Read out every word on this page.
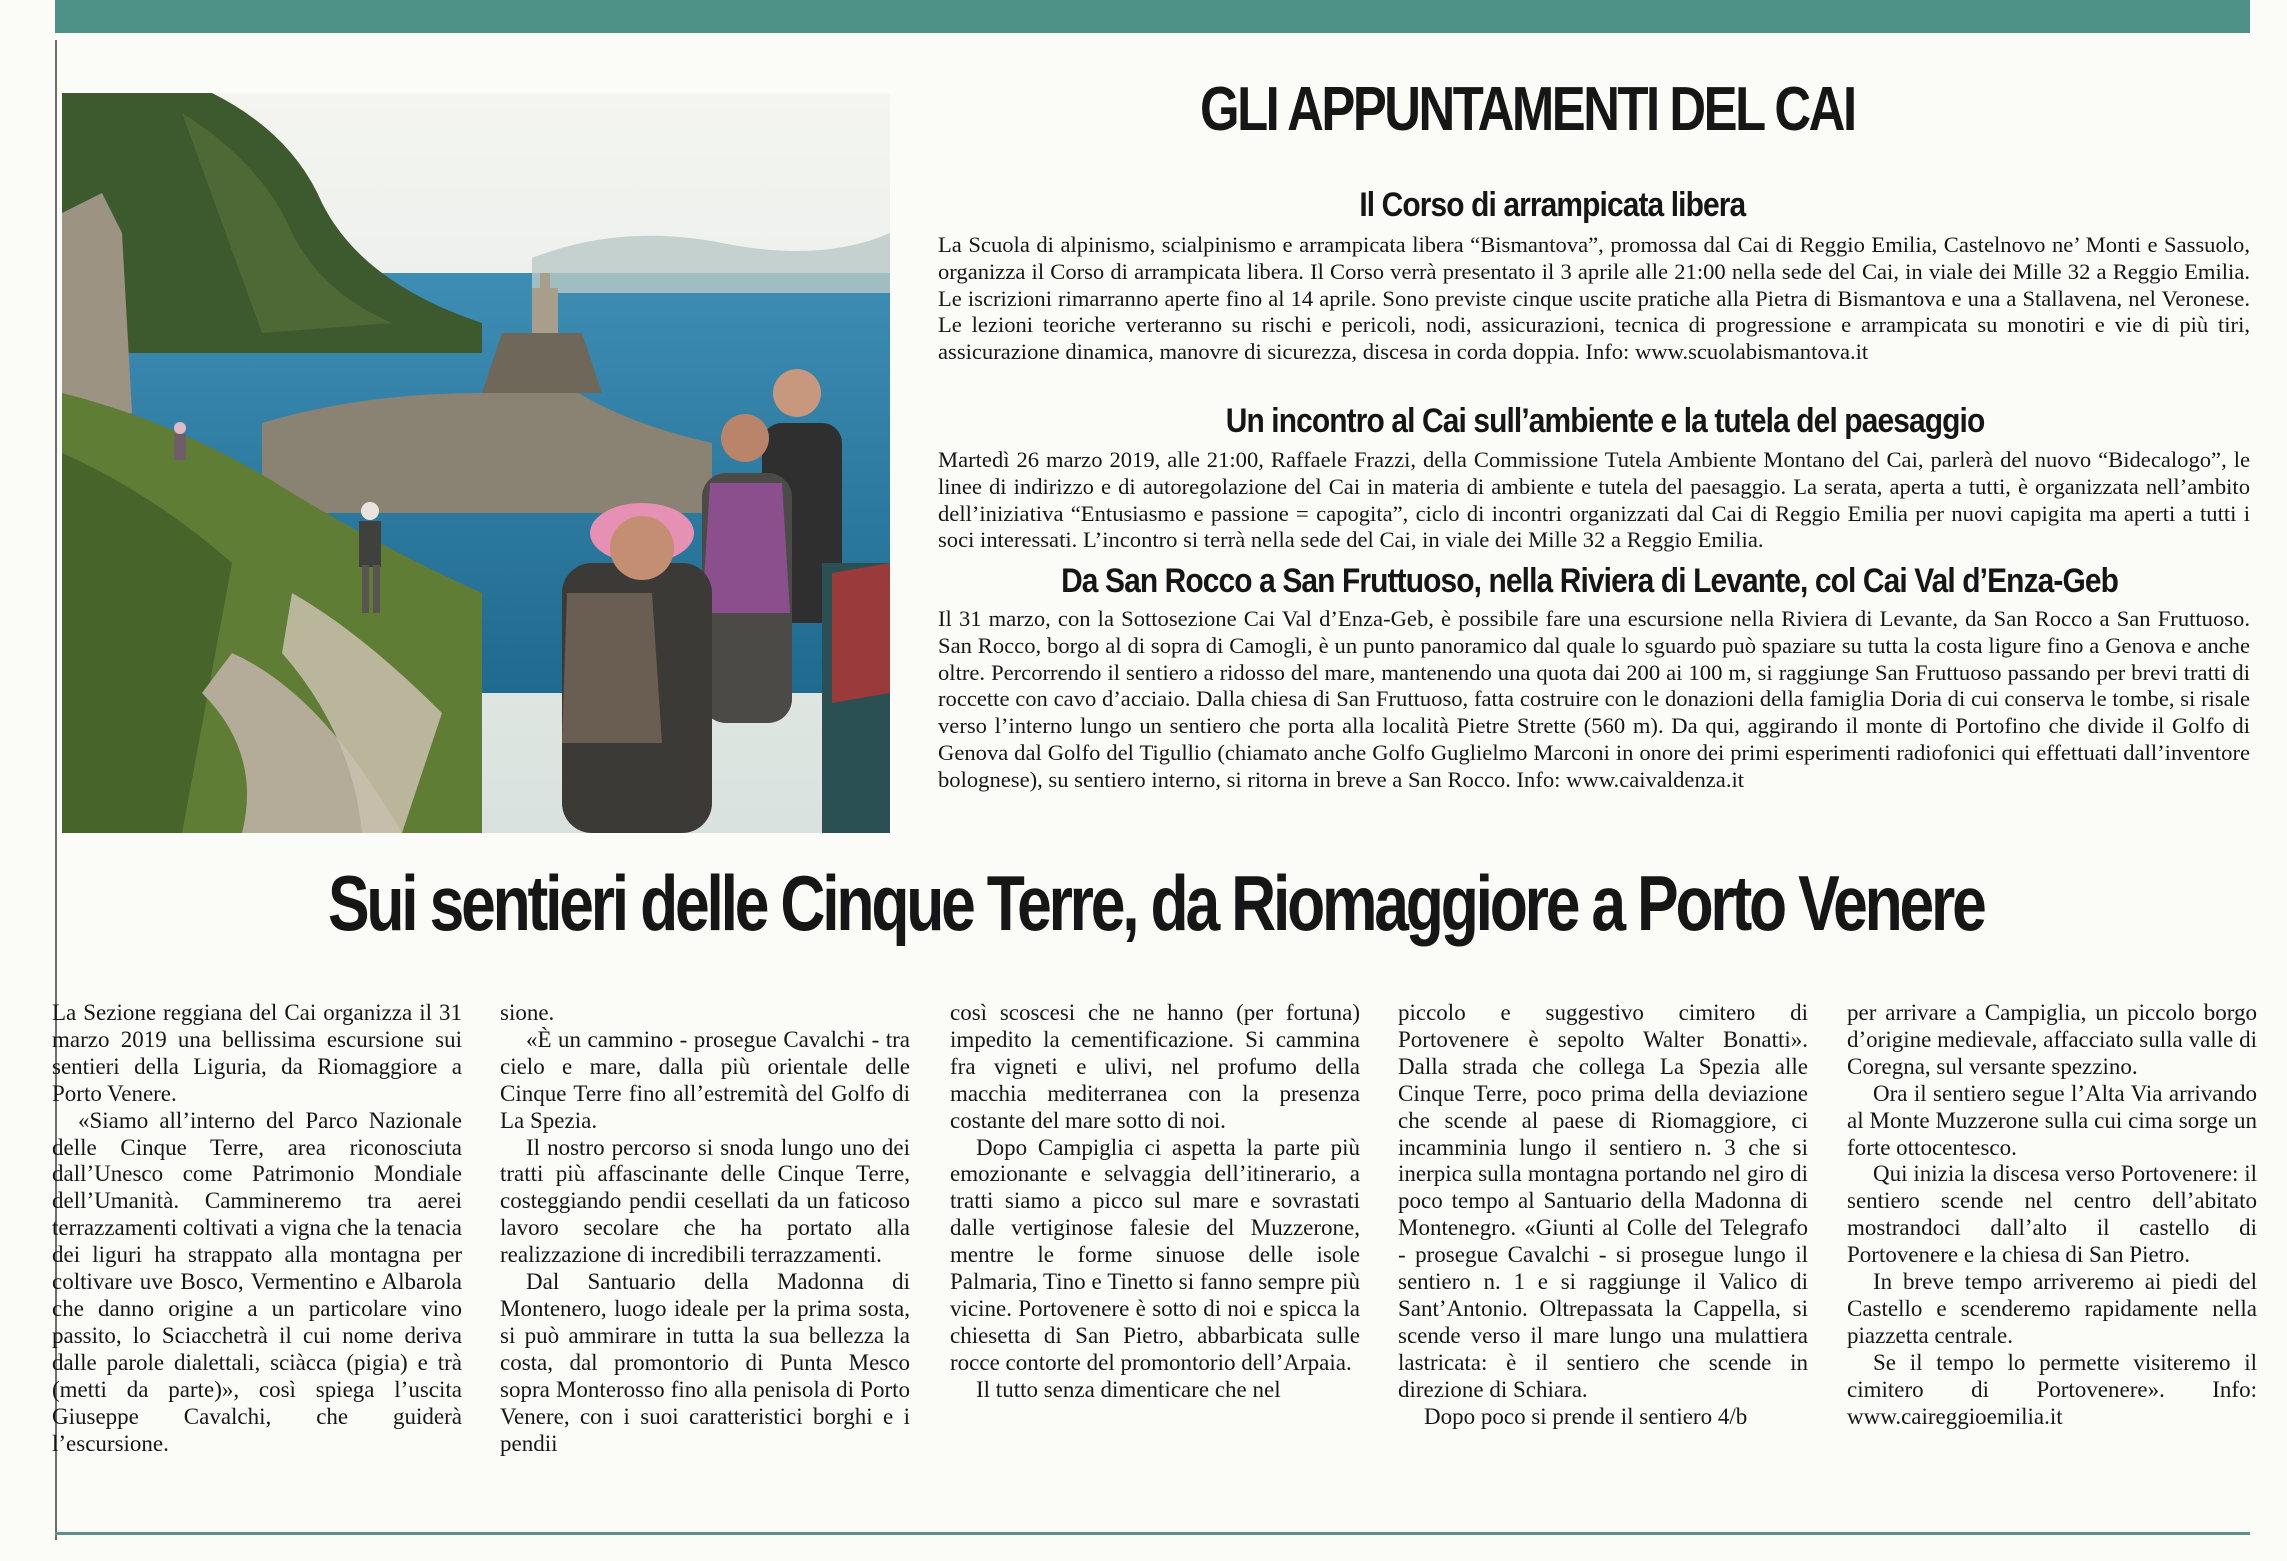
GLI APPUNTAMENTI DEL CAI
Il Corso di arrampicata libera

La Scuola di alpinismo, scialpinismo e arrampicata libera “Bismantova”, promossa dal Cai di Reggio Emilia, Castelnovo ne’ Monti e Sassuolo, organizza il Corso di arrampicata libera. Il Corso verrà presentato il 3 aprile alle 21:00 nella sede del Cai, in viale dei Mille 32 a Reggio Emilia. Le iscrizioni rimarranno aperte fino al 14 aprile. Sono previste cinque uscite pratiche alla Pietra di Bismantova e una a Stallavena, nel Veronese. Le lezioni teoriche verteranno su rischi e pericoli, nodi, assicurazioni, tecnica di progressione e arrampicata su monotiri e vie di più tiri, assicurazione dinamica, manovre di sicurezza, discesa in corda doppia. Info: www.scuolabismantova.it

Un incontro al Cai sull’ambiente e la tutela del paesaggio

Martedì 26 marzo 2019, alle 21:00, Raffaele Frazzi, della Commissione Tutela Ambiente Montano del Cai, parlerà del nuovo “Bidecalogo”, le linee di indirizzo e di autoregolazione del Cai in materia di ambiente e tutela del paesaggio. La serata, aperta a tutti, è organizzata nell’ambito dell’iniziativa “Entusiasmo e passione = capogita”, ciclo di incontri organizzati dal Cai di Reggio Emilia per nuovi capigita ma aperti a tutti i soci interessati. L’incontro si terrà nella sede del Cai, in viale dei Mille 32 a Reggio Emilia.

Da San Rocco a San Fruttuoso, nella Riviera di Levante, col Cai Val d’Enza-Geb

Il 31 marzo, con la Sottosezione Cai Val d’Enza-Geb, è possibile fare una escursione nella Riviera di Levante, da San Rocco a San Fruttuoso. San Rocco, borgo al di sopra di Camogli, è un punto panoramico dal quale lo sguardo può spaziare su tutta la costa ligure fino a Genova e anche oltre. Percorrendo il sentiero a ridosso del mare, mantenendo una quota dai 200 ai 100 m, si raggiunge San Fruttuoso passando per brevi tratti di roccette con cavo d’acciaio. Dalla chiesa di San Fruttuoso, fatta costruire con le donazioni della famiglia Doria di cui conserva le tombe, si risale verso l’interno lungo un sentiero che porta alla località Pietre Strette (560 m). Da qui, aggirando il monte di Portofino che divide il Golfo di Genova dal Golfo del Tigullio (chiamato anche Golfo Guglielmo Marconi in onore dei primi esperimenti radiofonici qui effettuati dall’inventore bolognese), su sentiero interno, si ritorna in breve a San Rocco. Info: www.caivaldenza.it

Sui sentieri delle Cinque Terre, da Riomaggiore a Porto Venere

La Sezione reggiana del Cai organizza il 31 marzo 2019 una bellissima escursione sui sentieri della Liguria, da Riomaggiore a Porto Venere.

«Siamo all’interno del Parco Nazionale delle Cinque Terre, area riconosciuta dall’Unesco come Patrimonio Mondiale dell’Umanità. Cammineremo tra aerei terrazzamenti coltivati a vigna che la tenacia dei liguri ha strappato alla montagna per coltivare uve Bosco, Vermentino e Albarola che danno origine a un particolare vino passito, lo Sciacchetrà il cui nome deriva dalle parole dialettali, sciàcca (pigia) e trà (metti da parte)», così spiega l’uscita Giuseppe Cavalchi, che guiderà l’escursione.

sione.

«È un cammino - prosegue Cavalchi - tra cielo e mare, dalla più orientale delle Cinque Terre fino all’estremità del Golfo di La Spezia.

Il nostro percorso si snoda lungo uno dei tratti più affascinante delle Cinque Terre, costeggiando pendii cesellati da un faticoso lavoro secolare che ha portato alla realizzazione di incredibili terrazzamenti.

Dal Santuario della Madonna di Montenero, luogo ideale per la prima sosta, si può ammirare in tutta la sua bellezza la costa, dal promontorio di Punta Mesco sopra Monterosso fino alla penisola di Porto Venere, con i suoi caratteristici borghi e i pendii

così scoscesi che ne hanno (per fortuna) impedito la cementificazione. Si cammina fra vigneti e ulivi, nel profumo della macchia mediterranea con la presenza costante del mare sotto di noi.

Dopo Campiglia ci aspetta la parte più emozionante e selvaggia dell’itinerario, a tratti siamo a picco sul mare e sovrastati dalle vertiginose falesie del Muzzerone, mentre le forme sinuose delle isole Palmaria, Tino e Tinetto si fanno sempre più vicine. Portovenere è sotto di noi e spicca la chiesetta di San Pietro, abbarbicata sulle rocce contorte del promontorio dell’Arpaia.

Il tutto senza dimenticare che nel

piccolo e suggestivo cimitero di Portovenere è sepolto Walter Bonatti». Dalla strada che collega La Spezia alle Cinque Terre, poco prima della deviazione che scende al paese di Riomaggiore, ci incamminia lungo il sentiero n. 3 che si inerpica sulla montagna portando nel giro di poco tempo al Santuario della Madonna di Montenegro. «Giunti al Colle del Telegrafo - prosegue Cavalchi - si prosegue lungo il sentiero n. 1 e si raggiunge il Valico di Sant’Antonio. Oltrepassata la Cappella, si scende verso il mare lungo una mulattiera lastricata: è il sentiero che scende in direzione di Schiara.

Dopo poco si prende il sentiero 4/b

per arrivare a Campiglia, un piccolo borgo d’origine medievale, affacciato sulla valle di Coregna, sul versante spezzino.

Ora il sentiero segue l’Alta Via arrivando al Monte Muzzerone sulla cui cima sorge un forte ottocentesco.

Qui inizia la discesa verso Portovenere: il sentiero scende nel centro dell’abitato mostrandoci dall’alto il castello di Portovenere e la chiesa di San Pietro.

In breve tempo arriveremo ai piedi del Castello e scenderemo rapidamente nella piazzetta centrale.

Se il tempo lo permette visiteremo il cimitero di Portovenere». Info: www.caireggioemilia.it
